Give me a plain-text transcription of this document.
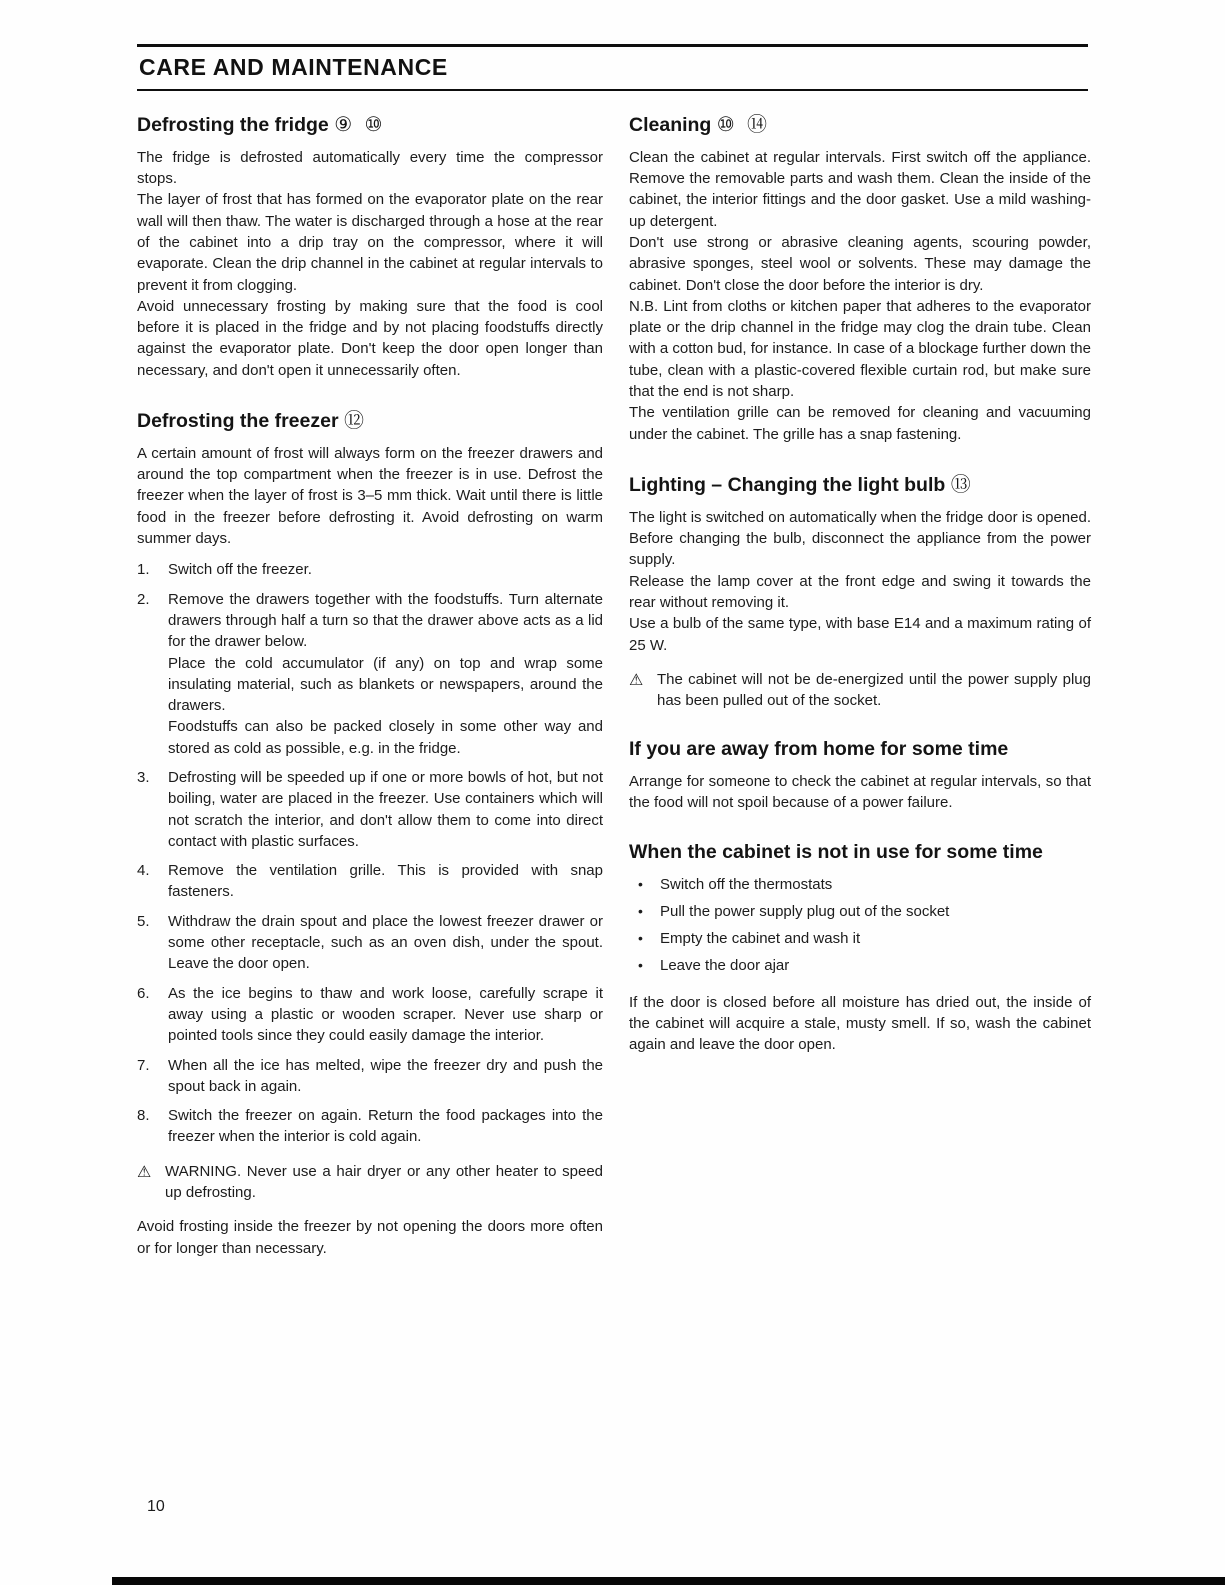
CARE AND MAINTENANCE
Defrosting the fridge ⑨ ⑩

The fridge is defrosted automatically every time the compressor stops.

The layer of frost that has formed on the evaporator plate on the rear wall will then thaw. The water is discharged through a hose at the rear of the cabinet into a drip tray on the compressor, where it will evaporate. Clean the drip channel in the cabinet at regular intervals to prevent it from clogging.

Avoid unnecessary frosting by making sure that the food is cool before it is placed in the fridge and by not placing foodstuffs directly against the evaporator plate. Don't keep the door open longer than necessary, and don't open it unnecessarily often.

Defrosting the freezer ⑫

A certain amount of frost will always form on the freezer drawers and around the top compartment when the freezer is in use. Defrost the freezer when the layer of frost is 3–5 mm thick. Wait until there is little food in the freezer before defrosting it. Avoid defrosting on warm summer days.

1.	Switch off the freezer.

2.	Remove the drawers together with the foodstuffs. Turn alternate drawers through half a turn so that the drawer above acts as a lid for the drawer below.

Place the cold accumulator (if any) on top and wrap some insulating material, such as blankets or newspapers, around the drawers.

Foodstuffs can also be packed closely in some other way and stored as cold as possible, e.g. in the fridge.

3.	Defrosting will be speeded up if one or more bowls of hot, but not boiling, water are placed in the freezer. Use containers which will not scratch the interior, and don't allow them to come into direct contact with plastic surfaces.

4.	Remove the ventilation grille. This is provided with snap fasteners.

5.	Withdraw the drain spout and place the lowest freezer drawer or some other receptacle, such as an oven dish, under the spout. Leave the door open.

6.	As the ice begins to thaw and work loose, carefully scrape it away using a plastic or wooden scraper. Never use sharp or pointed tools since they could easily damage the interior.

7.	When all the ice has melted, wipe the freezer dry and push the spout back in again.

8.	Switch the freezer on again. Return the food packages into the freezer when the interior is cold again.

⚠ WARNING. Never use a hair dryer or any other heater to speed up defrosting.

Avoid frosting inside the freezer by not opening the doors more often or for longer than necessary.

Cleaning ⑩ ⑭

Clean the cabinet at regular intervals. First switch off the appliance. Remove the removable parts and wash them. Clean the inside of the cabinet, the interior fittings and the door gasket. Use a mild washing-up detergent.

Don't use strong or abrasive cleaning agents, scouring powder, abrasive sponges, steel wool or solvents. These may damage the cabinet. Don't close the door before the interior is dry.

N.B. Lint from cloths or kitchen paper that adheres to the evaporator plate or the drip channel in the fridge may clog the drain tube. Clean with a cotton bud, for instance. In case of a blockage further down the tube, clean with a plastic-covered flexible curtain rod, but make sure that the end is not sharp.

The ventilation grille can be removed for cleaning and vacuuming under the cabinet. The grille has a snap fastening.

Lighting – Changing the light bulb ⑬

The light is switched on automatically when the fridge door is opened. Before changing the bulb, disconnect the appliance from the power supply.

Release the lamp cover at the front edge and swing it towards the rear without removing it.

Use a bulb of the same type, with base E14 and a maximum rating of 25 W.

⚠ The cabinet will not be de-energized until the power supply plug has been pulled out of the socket.

If you are away from home for some time

Arrange for someone to check the cabinet at regular intervals, so that the food will not spoil because of a power failure.

When the cabinet is not in use for some time
•	Switch off the thermostats
•	Pull the power supply plug out of the socket
•	Empty the cabinet and wash it
•	Leave the door ajar

If the door is closed before all moisture has dried out, the inside of the cabinet will acquire a stale, musty smell. If so, wash the cabinet again and leave the door open.

10
